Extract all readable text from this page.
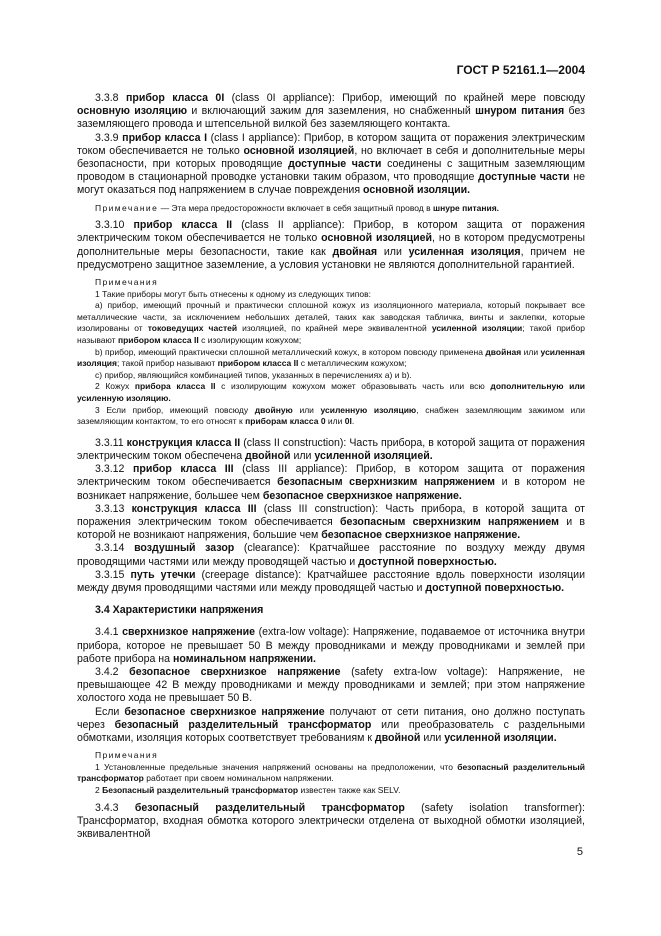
ГОСТ Р 52161.1—2004

3.3.8 прибор класса 0I (class 0I appliance): Прибор, имеющий по крайней мере повсюду основную изоляцию и включающий зажим для заземления, но снабженный шнуром питания без заземляющего провода и штепсельной вилкой без заземляющего контакта.

3.3.9 прибор класса I (class I appliance): Прибор, в котором защита от поражения электрическим током обеспечивается не только основной изоляцией, но включает в себя и дополнительные меры безопасности, при которых проводящие доступные части соединены с защитным заземляющим проводом в стационарной проводке установки таким образом, что проводящие доступные части не могут оказаться под напряжением в случае повреждения основной изоляции.

Примечание — Эта мера предосторожности включает в себя защитный провод в шнуре питания.

3.3.10 прибор класса II (class II appliance): Прибор, в котором защита от поражения электрическим током обеспечивается не только основной изоляцией, но в котором предусмотрены дополнительные меры безопасности, такие как двойная или усиленная изоляция, причем не предусмотрено защитное заземление, а условия установки не являются дополнительной гарантией.

Примечания

1 Такие приборы могут быть отнесены к одному из следующих типов:

а) прибор, имеющий прочный и практически сплошной кожух из изоляционного материала, который покрывает все металлические части, за исключением небольших деталей, таких как заводская табличка, винты и заклепки, которые изолированы от токоведущих частей изоляцией, по крайней мере эквивалентной усиленной изоляции; такой прибор называют прибором класса II с изолирующим кожухом;

b) прибор, имеющий практически сплошной металлический кожух, в котором повсюду применена двойная или усиленная изоляция; такой прибор называют прибором класса II с металлическим кожухом;

с) прибор, являющийся комбинацией типов, указанных в перечислениях а) и b).

2 Кожух прибора класса II с изолирующим кожухом может образовывать часть или всю дополнительную или усиленную изоляцию.

3 Если прибор, имеющий повсюду двойную или усиленную изоляцию, снабжен заземляющим зажимом или заземляющим контактом, то его относят к приборам класса 0 или 0I.

3.3.11 конструкция класса II (class II construction): Часть прибора, в которой защита от поражения электрическим током обеспечена двойной или усиленной изоляцией.

3.3.12 прибор класса III (class III appliance): Прибор, в котором защита от поражения электрическим током обеспечивается безопасным сверхнизким напряжением и в котором не возникает напряжение, большее чем безопасное сверхнизкое напряжение.

3.3.13 конструкция класса III (class III construction): Часть прибора, в которой защита от поражения электрическим током обеспечивается безопасным сверхнизким напряжением и в которой не возникают напряжения, большие чем безопасное сверхнизкое напряжение.

3.3.14 воздушный зазор (clearance): Кратчайшее расстояние по воздуху между двумя проводящими частями или между проводящей частью и доступной поверхностью.

3.3.15 путь утечки (creepage distance): Кратчайшее расстояние вдоль поверхности изоляции между двумя проводящими частями или между проводящей частью и доступной поверхностью.

3.4 Характеристики напряжения

3.4.1 сверхнизкое напряжение (extra-low voltage): Напряжение, подаваемое от источника внутри прибора, которое не превышает 50 В между проводниками и между проводниками и землей при работе прибора на номинальном напряжении.

3.4.2 безопасное сверхнизкое напряжение (safety extra-low voltage): Напряжение, не превышающее 42 В между проводниками и между проводниками и землей; при этом напряжение холостого хода не превышает 50 В.

Если безопасное сверхнизкое напряжение получают от сети питания, оно должно поступать через безопасный разделительный трансформатор или преобразователь с раздельными обмотками, изоляция которых соответствует требованиям к двойной или усиленной изоляции.

Примечания

1 Установленные предельные значения напряжений основаны на предположении, что безопасный разделительный трансформатор работает при своем номинальном напряжении.

2 Безопасный разделительный трансформатор известен также как SELV.

3.4.3 безопасный разделительный трансформатор (safety isolation transformer): Трансформатор, входная обмотка которого электрически отделена от выходной обмотки изоляцией, эквивалентной

5
